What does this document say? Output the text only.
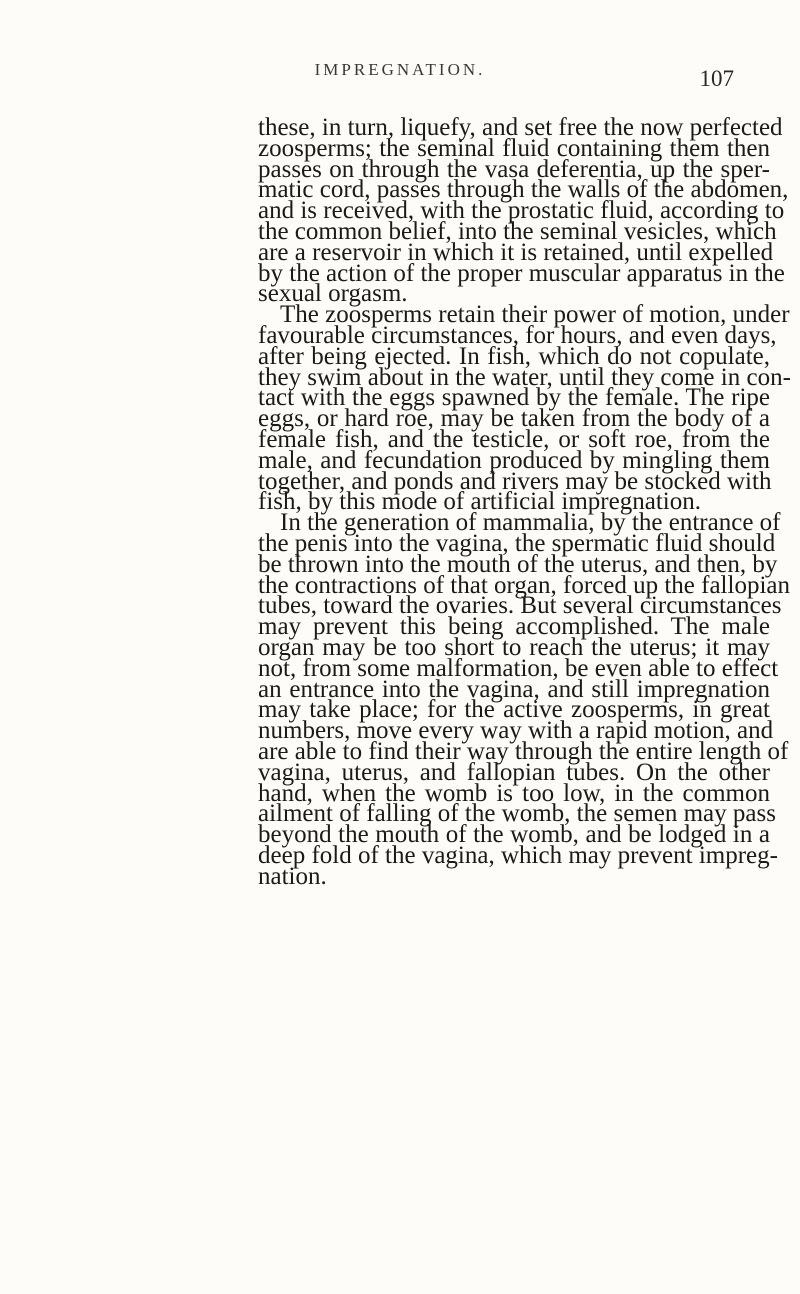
IMPREGNATION.	107
these, in turn, liquefy, and set free the now perfected
zoosperms; the seminal fluid containing them then
passes on through the vasa deferentia, up the sper-
matic cord, passes through the walls of the abdomen,
and is received, with the prostatic fluid, according to
the common belief, into the seminal vesicles, which
are a reservoir in which it is retained, until expelled
by the action of the proper muscular apparatus in the
sexual orgasm.
The zoosperms retain their power of motion, under
favourable circumstances, for hours, and even days,
after being ejected. In fish, which do not copulate,
they swim about in the water, until they come in con-
tact with the eggs spawned by the female. The ripe
eggs, or hard roe, may be taken from the body of a
female fish, and the testicle, or soft roe, from the
male, and fecundation produced by mingling them
together, and ponds and rivers may be stocked with
fish, by this mode of artificial impregnation.
In the generation of mammalia, by the entrance of
the penis into the vagina, the spermatic fluid should
be thrown into the mouth of the uterus, and then, by
the contractions of that organ, forced up the fallopian
tubes, toward the ovaries. But several circumstances
may prevent this being accomplished. The male
organ may be too short to reach the uterus; it may
not, from some malformation, be even able to effect
an entrance into the vagina, and still impregnation
may take place; for the active zoosperms, in great
numbers, move every way with a rapid motion, and
are able to find their way through the entire length of
vagina, uterus, and fallopian tubes. On the other
hand, when the womb is too low, in the common
ailment of falling of the womb, the semen may pass
beyond the mouth of the womb, and be lodged in a
deep fold of the vagina, which may prevent impreg-
nation.
